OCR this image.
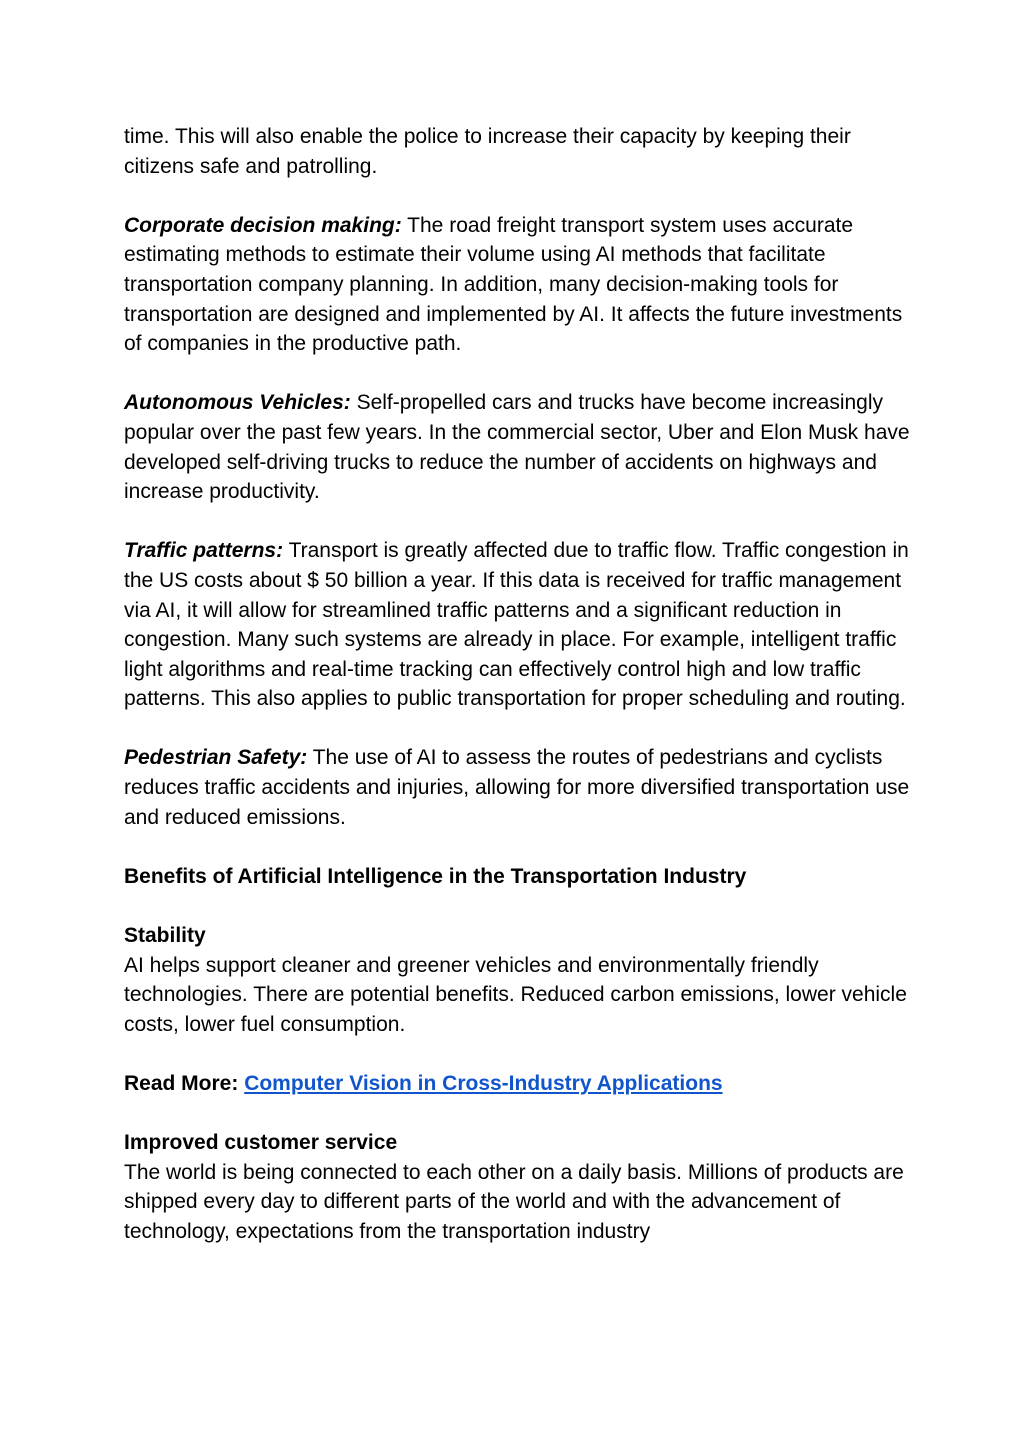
time. This will also enable the police to increase their capacity by keeping their citizens safe and patrolling.

Corporate decision making: The road freight transport system uses accurate estimating methods to estimate their volume using AI methods that facilitate transportation company planning. In addition, many decision-making tools for transportation are designed and implemented by AI. It affects the future investments of companies in the productive path.

Autonomous Vehicles: Self-propelled cars and trucks have become increasingly popular over the past few years. In the commercial sector, Uber and Elon Musk have developed self-driving trucks to reduce the number of accidents on highways and increase productivity.

Traffic patterns: Transport is greatly affected due to traffic flow. Traffic congestion in the US costs about $ 50 billion a year. If this data is received for traffic management via AI, it will allow for streamlined traffic patterns and a significant reduction in congestion. Many such systems are already in place. For example, intelligent traffic light algorithms and real-time tracking can effectively control high and low traffic patterns. This also applies to public transportation for proper scheduling and routing.

Pedestrian Safety: The use of AI to assess the routes of pedestrians and cyclists reduces traffic accidents and injuries, allowing for more diversified transportation use and reduced emissions.

Benefits of Artificial Intelligence in the Transportation Industry

Stability
AI helps support cleaner and greener vehicles and environmentally friendly technologies. There are potential benefits. Reduced carbon emissions, lower vehicle costs, lower fuel consumption.

Read More: Computer Vision in Cross-Industry Applications

Improved customer service
The world is being connected to each other on a daily basis. Millions of products are shipped every day to different parts of the world and with the advancement of technology, expectations from the transportation industry
